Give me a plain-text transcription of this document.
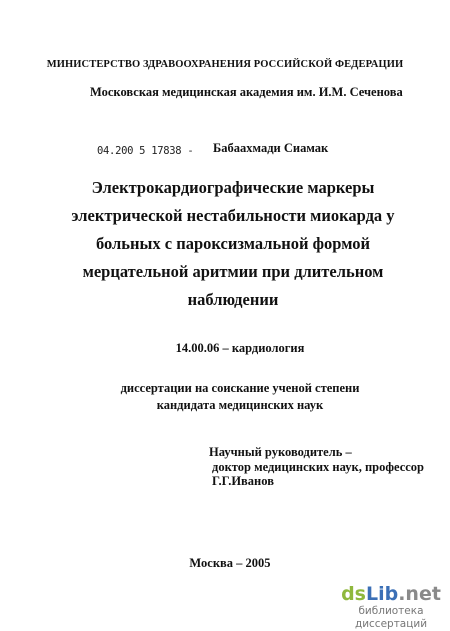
МИНИСТЕРСТВО ЗДРАВООХРАНЕНИЯ РОССИЙСКОЙ ФЕДЕРАЦИИ
Московская медицинская академия им. И.М. Сеченова
04.200 5 17838 - Бабаахмади Сиамак
Электрокардиографические маркеры
электрической нестабильности миокарда у
больных с пароксизмальной формой
мерцательной аритмии при длительном
наблюдении
14.00.06 – кардиология
диссертации на соискание ученой степени
кандидата медицинских наук
Научный руководитель –
доктор медицинских наук, профессор
Г.Г.Иванов
Москва – 2005
dsLib.net
библиотека диссертаций
